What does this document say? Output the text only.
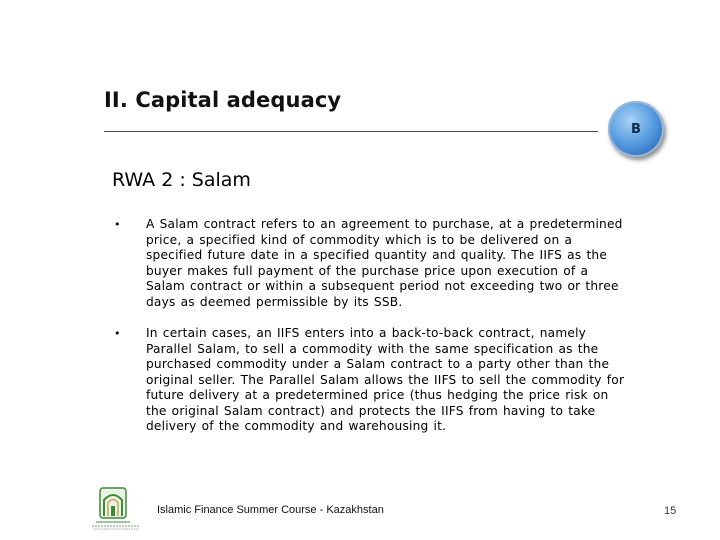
II. Capital adequacy
B
RWA 2 : Salam
• A Salam contract refers to an agreement to purchase, at a predetermined price, a specified kind of commodity which is to be delivered on a specified future date in a specified quantity and quality. The IIFS as the buyer makes full payment of the purchase price upon execution of a Salam contract or within a subsequent period not exceeding two or three days as deemed permissible by its SSB.
• In certain cases, an IIFS enters into a back-to-back contract, namely Parallel Salam, to sell a commodity with the same specification as the purchased commodity under a Salam contract to a party other than the original seller. The Parallel Salam allows the IIFS to sell the commodity for future delivery at a predetermined price (thus hedging the price risk on the original Salam contract) and protects the IIFS from having to take delivery of the commodity and warehousing it.
Islamic Finance Summer Course - Kazakhstan	15
